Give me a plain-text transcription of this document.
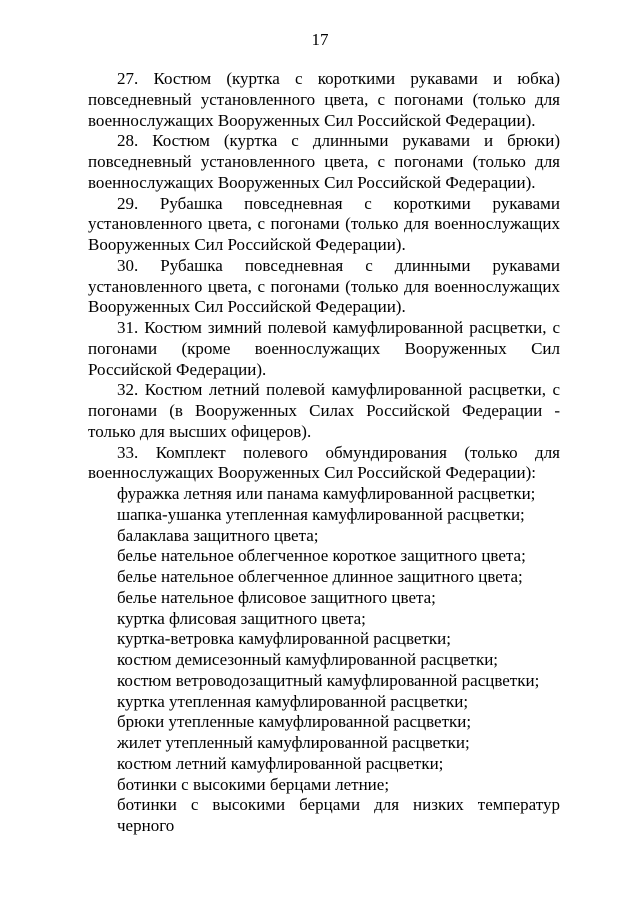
17

27. Костюм (куртка с короткими рукавами и юбка) повседневный установленного цвета, с погонами (только для военнослужащих Вооруженных Сил Российской Федерации).

28. Костюм (куртка с длинными рукавами и брюки) повседневный установленного цвета, с погонами (только для военнослужащих Вооруженных Сил Российской Федерации).

29. Рубашка повседневная с короткими рукавами установленного цвета, с погонами (только для военнослужащих Вооруженных Сил Российской Федерации).

30. Рубашка повседневная с длинными рукавами установленного цвета, с погонами (только для военнослужащих Вооруженных Сил Российской Федерации).

31. Костюм зимний полевой камуфлированной расцветки, с погонами (кроме военнослужащих Вооруженных Сил Российской Федерации).

32. Костюм летний полевой камуфлированной расцветки, с погонами (в Вооруженных Силах Российской Федерации - только для высших офицеров).

33. Комплект полевого обмундирования (только для военнослужащих Вооруженных Сил Российской Федерации):

фуражка летняя или панама камуфлированной расцветки;

шапка-ушанка утепленная камуфлированной расцветки;

балаклава защитного цвета;

белье нательное облегченное короткое защитного цвета;

белье нательное облегченное длинное защитного цвета;

белье нательное флисовое защитного цвета;

куртка флисовая защитного цвета;

куртка-ветровка камуфлированной расцветки;

костюм демисезонный камуфлированной расцветки;

костюм ветроводозащитный камуфлированной расцветки;

куртка утепленная камуфлированной расцветки;

брюки утепленные камуфлированной расцветки;

жилет утепленный камуфлированной расцветки;

костюм летний камуфлированной расцветки;

ботинки с высокими берцами летние;

ботинки с высокими берцами для низких температур черного
